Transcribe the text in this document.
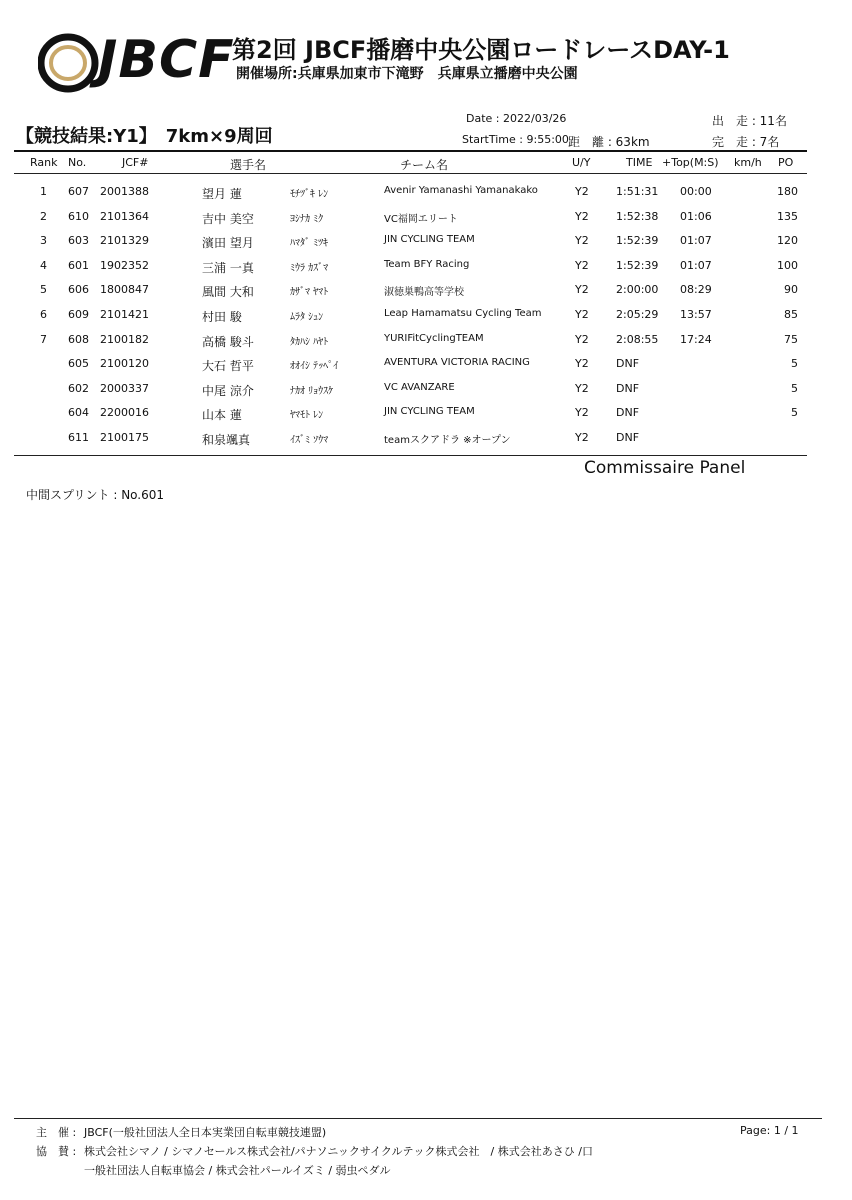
JBCF
第2回 JBCF播磨中央公園ロードレースDAY-1
開催場所:兵庫県加東市下滝野　兵庫県立播磨中央公園
Date : 2022/03/26
StartTime : 9:55:00 距　離 : 63km
出　走 : 11名
完　走 : 7名
【競技結果:Y1】　7km×9周回
Rank No.	JCF#	選手名	チーム名	U/Y	TIME +Top(M:S) km/h PO
1 607 2001388	望月 蓮	ﾓﾁﾂﾞｷ ﾚﾝ	Avenir Yamanashi Yamanakako	Y2 1:51:31 00:00	180
2 610 2101364	吉中 美空	ﾖｼﾅｶ ﾐｸ	VC福岡エリート	Y2 1:52:38 01:06	135
3 603 2101329	濱田 望月	ﾊﾏﾀﾞ ﾐﾂｷ	JIN CYCLING TEAM	Y2 1:52:39 01:07	120
4 601 1902352	三浦 一真	ﾐｳﾗ ｶｽﾞﾏ	Team BFY Racing	Y2 1:52:39 01:07	100
5 606 1800847	風間 大和	ｶｻﾞﾏ ﾔﾏﾄ	淑徳巣鴨高等学校	Y2 2:00:00 08:29	90
6 609 2101421	村田 駿	ﾑﾗﾀ ｼｭﾝ	Leap Hamamatsu Cycling Team	Y2 2:05:29 13:57	85
7 608 2100182	高橋 駿斗	ﾀｶﾊｼ ﾊﾔﾄ	YURIFitCyclingTEAM	Y2 2:08:55 17:24	75
605 2100120	大石 哲平	ｵｵｲｼ ﾃｯﾍﾟｲ	AVENTURA VICTORIA RACING	Y2 DNF	5
602 2000337	中尾 涼介	ﾅｶｵ ﾘｮｳｽｹ	VC AVANZARE	Y2 DNF	5
604 2200016	山本 蓮	ﾔﾏﾓﾄ ﾚﾝ	JIN CYCLING TEAM	Y2 DNF	5
611 2100175	和泉颯真	ｲｽﾞﾐ ｿｳﾏ	teamスクアドラ ※オープン	Y2 DNF
Commissaire Panel
中間スプリント : No.601
主　催 : JBCF(一般社団法人全日本実業団自転車競技連盟)	Page: 1 / 1
協　賛 : 株式会社シマノ / シマノセールス株式会社/パナソニックサイクルテック株式会社　/ 株式会社あさひ /口
一般社団法人自転車協会 / 株式会社パールイズミ / 弱虫ペダル
